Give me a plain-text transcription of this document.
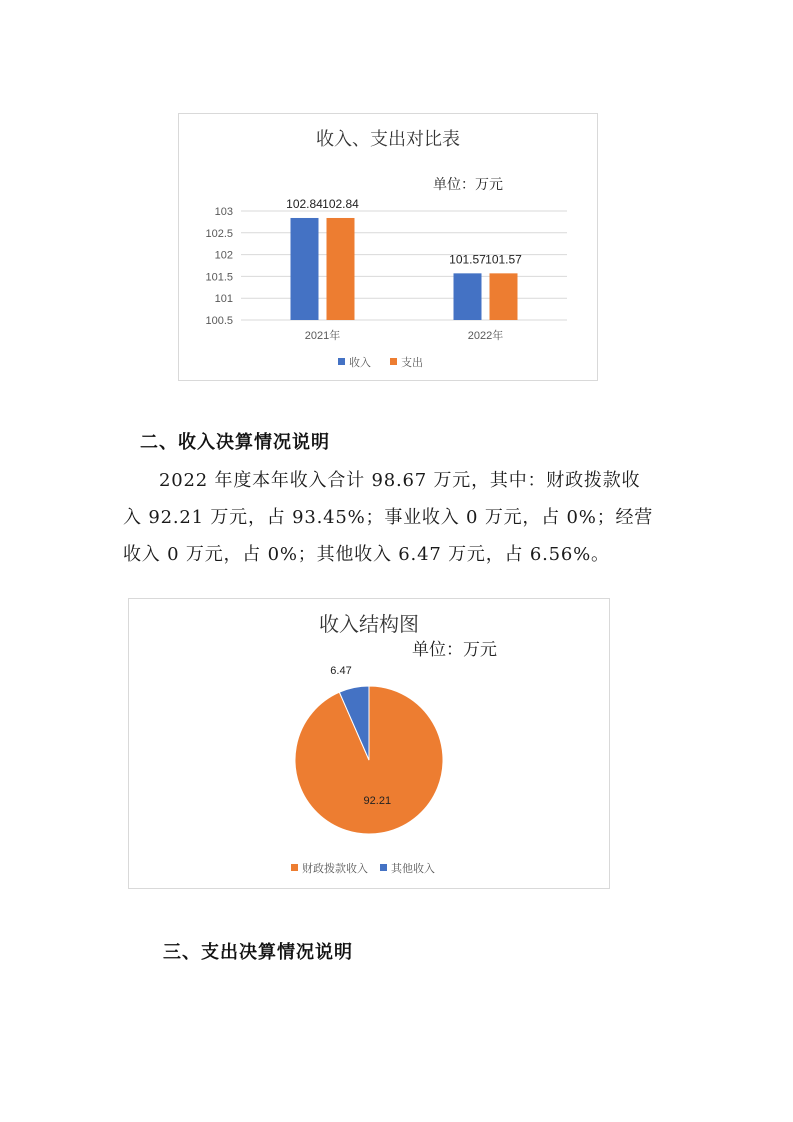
收入、支出对比表
单位：万元
103
102.5
102
101.5
101
100.5
102.84 102.84
101.57 101.57
2021年	2022年
收入	支出
二、收入决算情况说明
2022 年度本年收入合计 98.67 万元，其中：财政拨款收
入 92.21 万元，占 93.45%；事业收入 0 万元，占 0%；经营
收入 0 万元，占 0%；其他收入 6.47 万元，占 6.56%。
收入结构图
单位：万元
92.21
6.47
财政拨款收入 其他收入
三、支出决算情况说明
